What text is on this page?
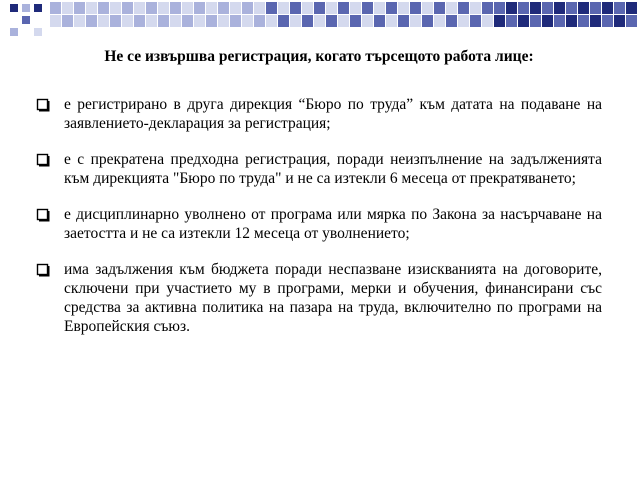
Не се извършва регистрация, когато търсещото работа лице:
е регистрирано в друга дирекция “Бюро по труда” към датата на подаване на заявлението-декларация за регистрация;
е с прекратена предходна регистрация, поради неизпълнение на задълженията към дирекцията "Бюро по труда" и не са изтекли 6 месеца от прекратяването;
е дисциплинарно уволнено от програма или мярка по Закона за насърчаване на заетостта и не са изтекли 12 месеца от уволнението;
има задължения към бюджета поради неспазване изискванията на договорите, сключени при участието му в програми, мерки и обучения, финансирани със средства за активна политика на пазара на труда, включително по програми на Европейския съюз.
